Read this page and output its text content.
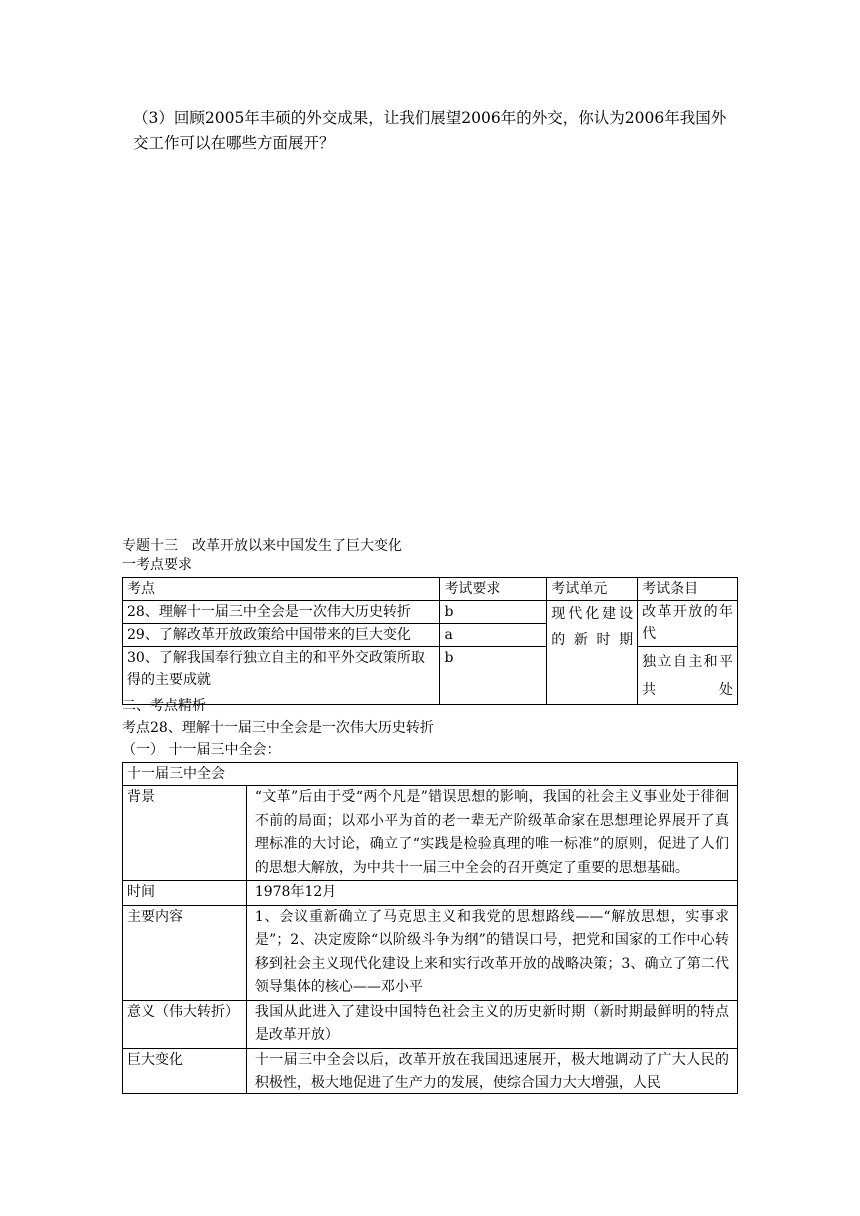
（3）回顾2005年丰硕的外交成果，让我们展望2006年的外交，你认为2006年我国外交工作可以在哪些方面展开？
专题十三　改革开放以来中国发生了巨大变化
一考点要求
考点	考试要求	考试单元	考试条目
28、理解十一届三中全会是一次伟大历史转折	b	现代化建设的新时期	改革开放的年代
29、了解改革开放政策给中国带来的巨大变化	a		
30、了解我国奉行独立自主的和平外交政策所取得的主要成就	b		独立自主和平共处
二、考点精析
考点28、理解十一届三中全会是一次伟大历史转折
（一） 十一届三中全会：
十一届三中全会	
背景	“文革”后由于受“两个凡是”错误思想的影响，我国的社会主义事业处于徘徊不前的局面；以邓小平为首的老一辈无产阶级革命家在思想理论界展开了真理标准的大讨论，确立了“实践是检验真理的唯一标准”的原则，促进了人们的思想大解放，为中共十一届三中全会的召开奠定了重要的思想基础。
时间	1978年12月
主要内容	1、会议重新确立了马克思主义和我党的思想路线——“解放思想，实事求是”；2、决定废除“以阶级斗争为纲”的错误口号，把党和国家的工作中心转移到社会主义现代化建设上来和实行改革开放的战略决策；3、确立了第二代领导集体的核心——邓小平
意义（伟大转折）	我国从此进入了建设中国特色社会主义的历史新时期（新时期最鲜明的特点是改革开放）
巨大变化	十一届三中全会以后，改革开放在我国迅速展开，极大地调动了广大人民的积极性，极大地促进了生产力的发展，使综合国力大大增强，人民
